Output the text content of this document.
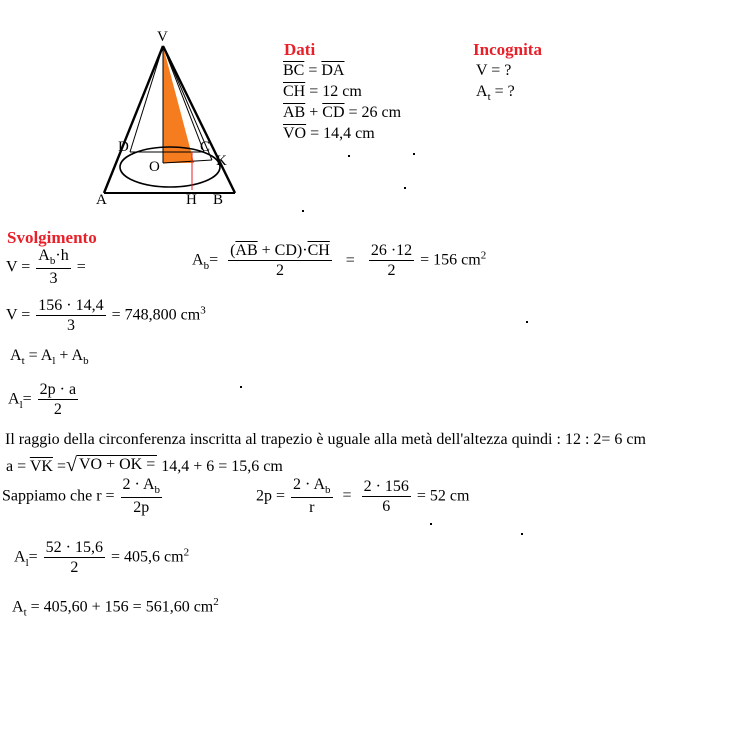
V
D	C
K
O
A	H B
Dati
$\overline{BC} = \overline{DA}$
$\overline{CH} = 12$ cm
$\overline{AB} + \overline{CD} = 26$ cm
$\overline{VO} = 14,4$ cm
Incognita
V = ?
$A_t$ = ?
Svolgimento
$V = \frac{A_b\cdot h}{3}$ =	$A_b= \frac{(\overline{AB} + CD)\cdot\overline{CH}}{2} = \frac{26 \cdot 12}{2} = 156$ $cm^2$
$V = \frac{156 \cdot 14,4}{3} = 748,800$ $cm^3$
$A_t = A_l + A_b$
$A_l= \frac{2p \cdot a}{2}$
Il raggio della circonferenza inscritta al trapezio è uguale alla metà dell'altezza quindi : 12 : 2= 6 cm
$a = \overline{VK}$ = √ VO + $\overline{OK} = 14,4 + 6 = 15,6$ cm
Sappiamo che $r = \frac{2 \cdot A_b}{2p}$	$2p = \frac{2 \cdot A_b}{r} = \frac{2 \cdot 156}{6} = 52$ cm
$A_l= \frac{52 \cdot 15,6}{2} = 405,6$ $cm^2$
$A_t = 405,60 + 156 = 561,60$ $cm^2$
